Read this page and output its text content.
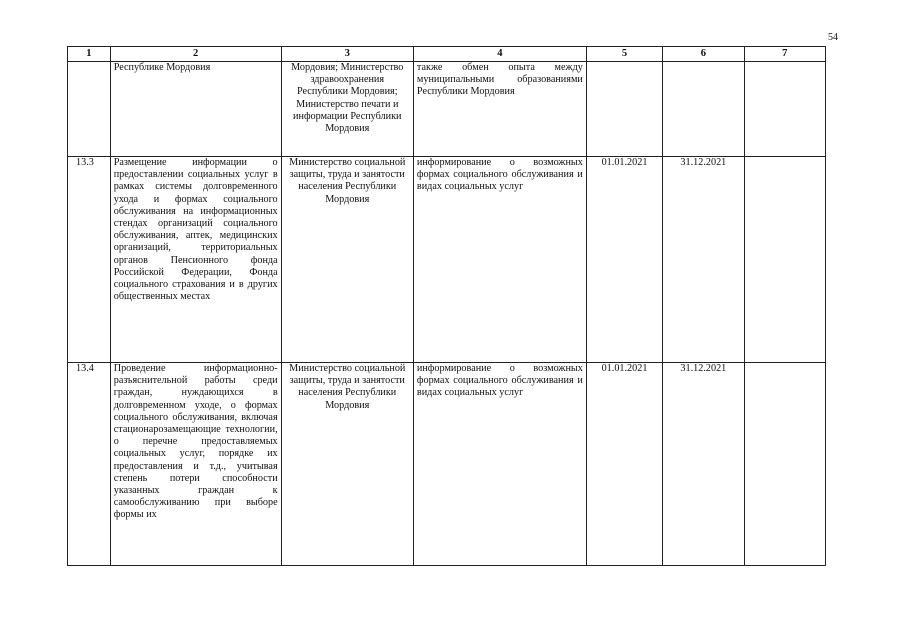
54
1	2	3	4	5	6	7
	Республике Мордовия	Мордовия; Министерство здравоохранения Республики Мордовия; Министерство печати и информации Республики Мордовия	также обмен опыта между муниципальными образованиями Республики Мордовия			
13.3	Размещение информации о предоставлении социальных услуг в рамках системы долговременного ухода и формах социального обслуживания на информационных стендах организаций социального обслуживания, аптек, медицинских организаций, территориальных органов Пенсионного фонда Российской Федерации, Фонда социального страхования и в других общественных местах	Министерство социальной защиты, труда и занятости населения Республики Мордовия	информирование о возможных формах социального обслуживания и видах социальных услуг	01.01.2021	31.12.2021	
13.4	Проведение информационно-разъяснительной работы среди граждан, нуждающихся в долговременном уходе, о формах социального обслуживания, включая стационарозамещающие технологии, о перечне предоставляемых социальных услуг, порядке их предоставления и т.д., учитывая степень потери способности указанных граждан к самообслуживанию при выборе формы их	Министерство социальной защиты, труда и занятости населения Республики Мордовия	информирование о возможных формах социального обслуживания и видах социальных услуг	01.01.2021	31.12.2021	
